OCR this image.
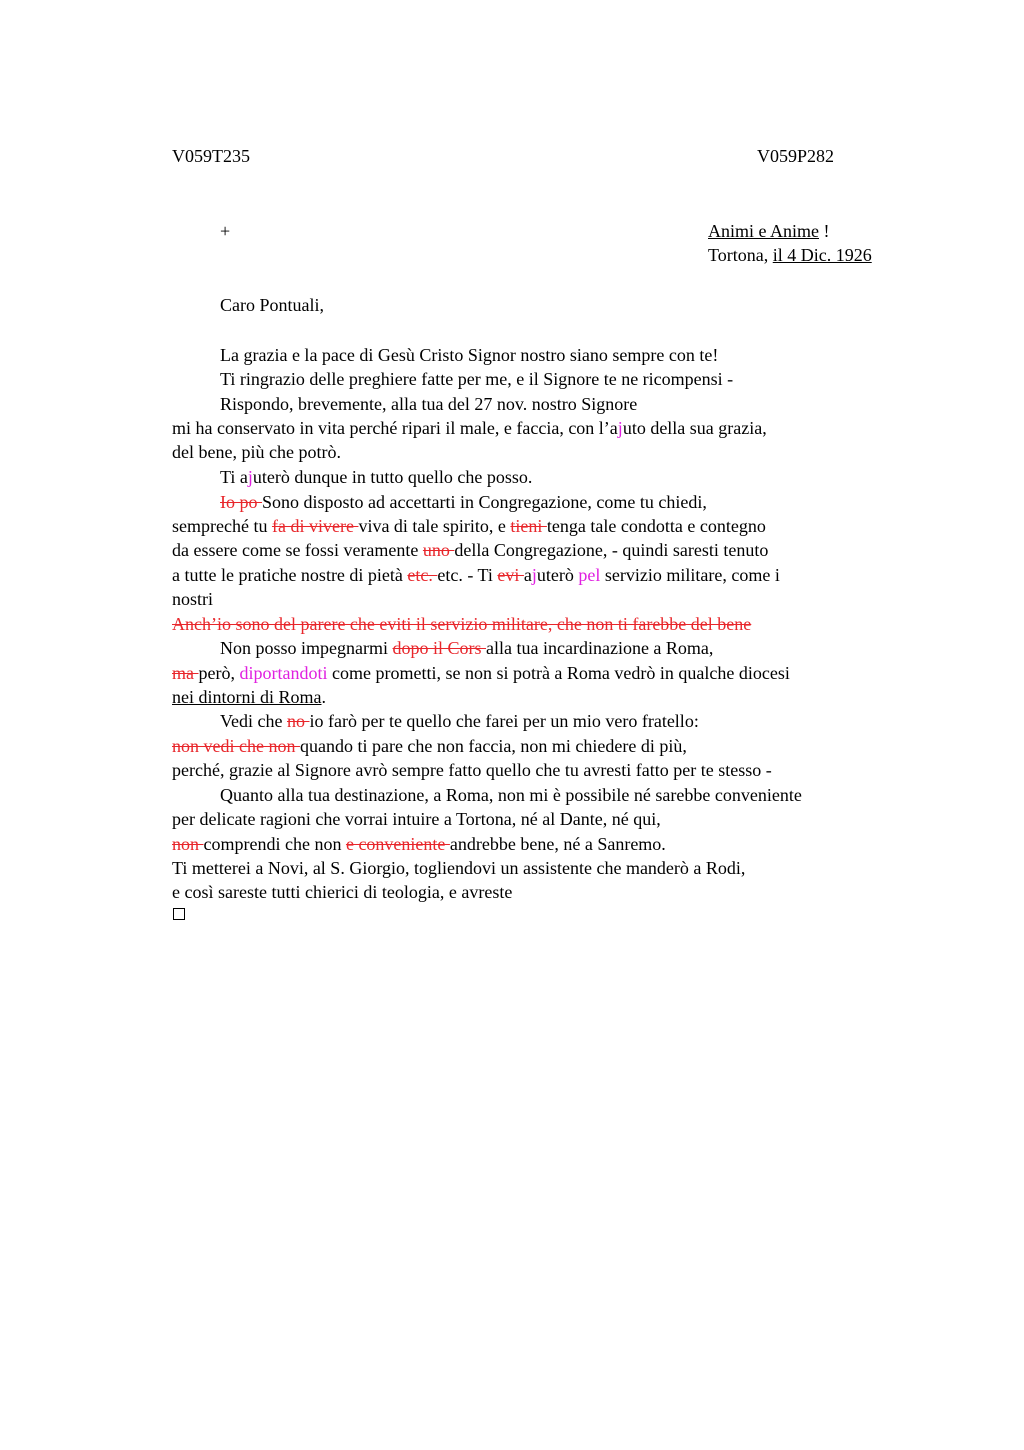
V059T235	V059P282
+	Animi e Anime !
Tortona, il 4 Dic. 1926
Caro Pontuali,
La grazia e la pace di Gesù Cristo Signor nostro siano sempre con te!
Ti ringrazio delle preghiere fatte per me, e il Signore te ne ricompensi -
Rispondo, brevemente, alla tua del 27 nov. nostro Signore
mi ha conservato in vita perché ripari il male, e faccia, con l’ajuto della sua grazia,
del bene, più che potrò.
Ti ajuterò dunque in tutto quello che posso.
Io po Sono disposto ad accettarti in Congregazione, come tu chiedi,
sempreché tu fa di vivere viva di tale spirito, e tieni tenga tale condotta e contegno
da essere come se fossi veramente uno della Congregazione, - quindi saresti tenuto
a tutte le pratiche nostre di pietà etc. etc. - Ti evi ajuterò pel servizio militare, come i
nostri
Anch’io sono del parere che eviti il servizio militare, che non ti farebbe del bene
Non posso impegnarmi dopo il Cors alla tua incardinazione a Roma,
ma però, diportandoti come prometti, se non si potrà a Roma vedrò in qualche diocesi
nei dintorni di Roma.
Vedi che no io farò per te quello che farei per un mio vero fratello:
non vedi che non quando ti pare che non faccia, non mi chiedere di più,
perché, grazie al Signore avrò sempre fatto quello che tu avresti fatto per te stesso -
Quanto alla tua destinazione, a Roma, non mi è possibile né sarebbe conveniente
per delicate ragioni che vorrai intuire a Tortona, né al Dante, né qui,
non comprendi che non e conveniente andrebbe bene, né a Sanremo.
Ti metterei a Novi, al S. Giorgio, togliendovi un assistente che manderò a Rodi,
e così sareste tutti chierici di teologia, e avreste
